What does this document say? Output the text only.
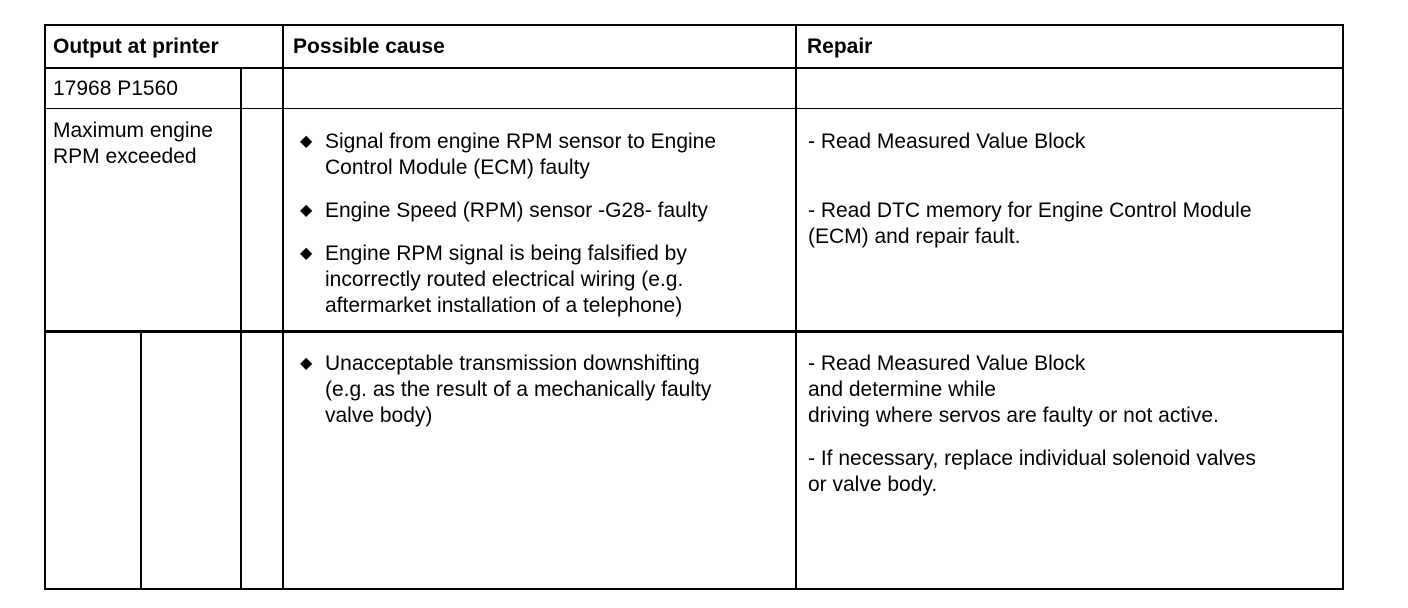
Output at printer	Possible cause	Repair
17968 P1560
Maximum engine
RPM exceeded
◆ Signal from engine RPM sensor to Engine
Control Module (ECM) faulty
◆ Engine Speed (RPM) sensor -G28- faulty
◆ Engine RPM signal is being falsified by
incorrectly routed electrical wiring (e.g.
aftermarket installation of a telephone)
- Read Measured Value Block
- Read DTC memory for Engine Control Module
(ECM) and repair fault.
◆ Unacceptable transmission downshifting
(e.g. as the result of a mechanically faulty
valve body)
- Read Measured Value Block
and determine while
driving where servos are faulty or not active.
- If necessary, replace individual solenoid valves
or valve body.
